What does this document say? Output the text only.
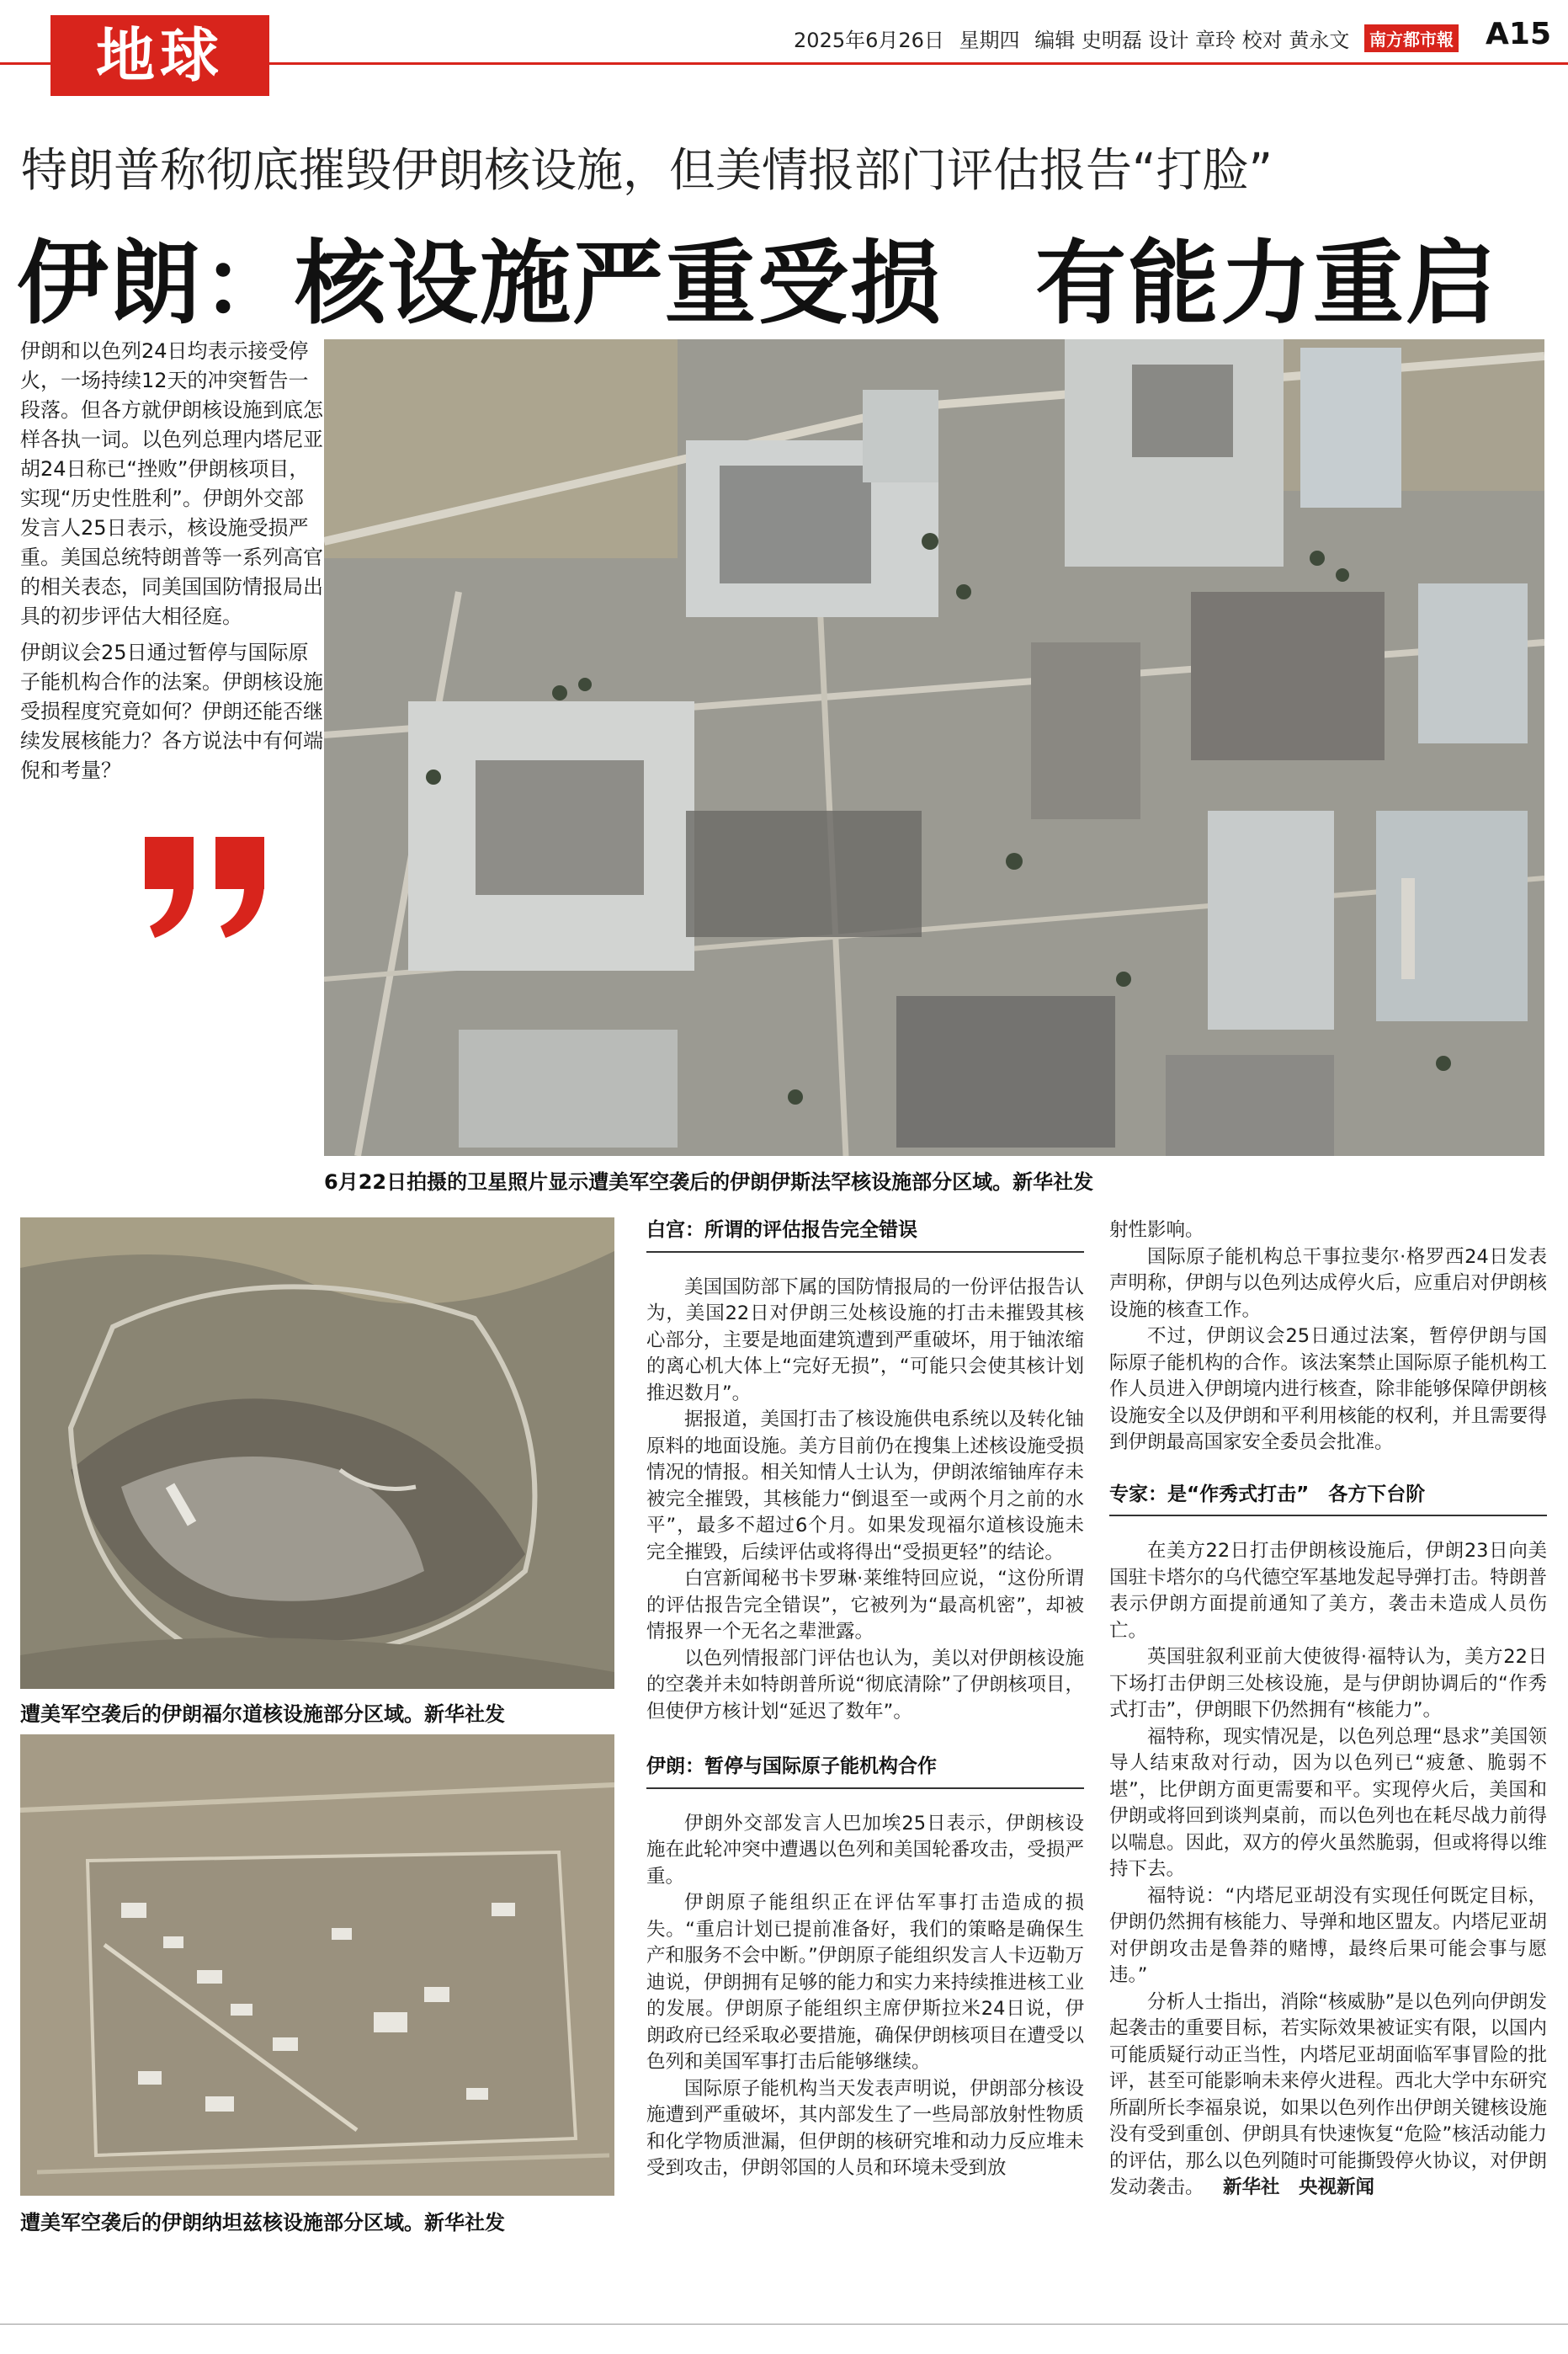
地球	2025年6月26日 星期四 编辑 史明磊 设计 章玲 校对 黄永文 南方都市報 A15
特朗普称彻底摧毁伊朗核设施，但美情报部门评估报告“打脸”
伊朗：核设施严重受损　有能力重启

伊朗和以色列24日均表示接受停火，一场持续12天的冲突暂告一段落。但各方就伊朗核设施到底怎样各执一词。以色列总理内塔尼亚胡24日称已“挫败”伊朗核项目，实现“历史性胜利”。伊朗外交部发言人25日表示，核设施受损严重。美国总统特朗普等一系列高官的相关表态，同美国国防情报局出具的初步评估大相径庭。

伊朗议会25日通过暂停与国际原子能机构合作的法案。伊朗核设施受损程度究竟如何？伊朗还能否继续发展核能力？各方说法中有何端倪和考量？

6月22日拍摄的卫星照片显示遭美军空袭后的伊朗伊斯法罕核设施部分区域。新华社发
遭美军空袭后的伊朗福尔道核设施部分区域。新华社发
遭美军空袭后的伊朗纳坦兹核设施部分区域。新华社发
白宫：所谓的评估报告完全错误

美国国防部下属的国防情报局的一份评估报告认为，美国22日对伊朗三处核设施的打击未摧毁其核心部分，主要是地面建筑遭到严重破坏，用于铀浓缩的离心机大体上“完好无损”，“可能只会使其核计划推迟数月”。

据报道，美国打击了核设施供电系统以及转化铀原料的地面设施。美方目前仍在搜集上述核设施受损情况的情报。相关知情人士认为，伊朗浓缩铀库存未被完全摧毁，其核能力“倒退至一或两个月之前的水平”，最多不超过6个月。如果发现福尔道核设施未完全摧毁，后续评估或将得出“受损更轻”的结论。

白宫新闻秘书卡罗琳·莱维特回应说，“这份所谓的评估报告完全错误”，它被列为“最高机密”，却被情报界一个无名之辈泄露。

以色列情报部门评估也认为，美以对伊朗核设施的空袭并未如特朗普所说“彻底清除”了伊朗核项目，但使伊方核计划“延迟了数年”。

伊朗：暂停与国际原子能机构合作

伊朗外交部发言人巴加埃25日表示，伊朗核设施在此轮冲突中遭遇以色列和美国轮番攻击，受损严重。

伊朗原子能组织正在评估军事打击造成的损失。“重启计划已提前准备好，我们的策略是确保生产和服务不会中断。”伊朗原子能组织发言人卡迈勒万迪说，伊朗拥有足够的能力和实力来持续推进核工业的发展。伊朗原子能组织主席伊斯拉米24日说，伊朗政府已经采取必要措施，确保伊朗核项目在遭受以色列和美国军事打击后能够继续。

国际原子能机构当天发表声明说，伊朗部分核设施遭到严重破坏，其内部发生了一些局部放射性物质和化学物质泄漏，但伊朗的核研究堆和动力反应堆未受到攻击，伊朗邻国的人员和环境未受到放

射性影响。

国际原子能机构总干事拉斐尔·格罗西24日发表声明称，伊朗与以色列达成停火后，应重启对伊朗核设施的核查工作。

不过，伊朗议会25日通过法案，暂停伊朗与国际原子能机构的合作。该法案禁止国际原子能机构工作人员进入伊朗境内进行核查，除非能够保障伊朗核设施安全以及伊朗和平利用核能的权利，并且需要得到伊朗最高国家安全委员会批准。

专家：是“作秀式打击”　各方下台阶

在美方22日打击伊朗核设施后，伊朗23日向美国驻卡塔尔的乌代德空军基地发起导弹打击。特朗普表示伊朗方面提前通知了美方，袭击未造成人员伤亡。

英国驻叙利亚前大使彼得·福特认为，美方22日下场打击伊朗三处核设施，是与伊朗协调后的“作秀式打击”，伊朗眼下仍然拥有“核能力”。

福特称，现实情况是，以色列总理“恳求”美国领导人结束敌对行动，因为以色列已“疲惫、脆弱不堪”，比伊朗方面更需要和平。实现停火后，美国和伊朗或将回到谈判桌前，而以色列也在耗尽战力前得以喘息。因此，双方的停火虽然脆弱，但或将得以维持下去。

福特说：“内塔尼亚胡没有实现任何既定目标，伊朗仍然拥有核能力、导弹和地区盟友。内塔尼亚胡对伊朗攻击是鲁莽的赌博，最终后果可能会事与愿违。”

分析人士指出，消除“核威胁”是以色列向伊朗发起袭击的重要目标，若实际效果被证实有限，以国内可能质疑行动正当性，内塔尼亚胡面临军事冒险的批评，甚至可能影响未来停火进程。西北大学中东研究所副所长李福泉说，如果以色列作出伊朗关键核设施没有受到重创、伊朗具有快速恢复“危险”核活动能力的评估，那么以色列随时可能撕毁停火协议，对伊朗发动袭击。 新华社　央视新闻
